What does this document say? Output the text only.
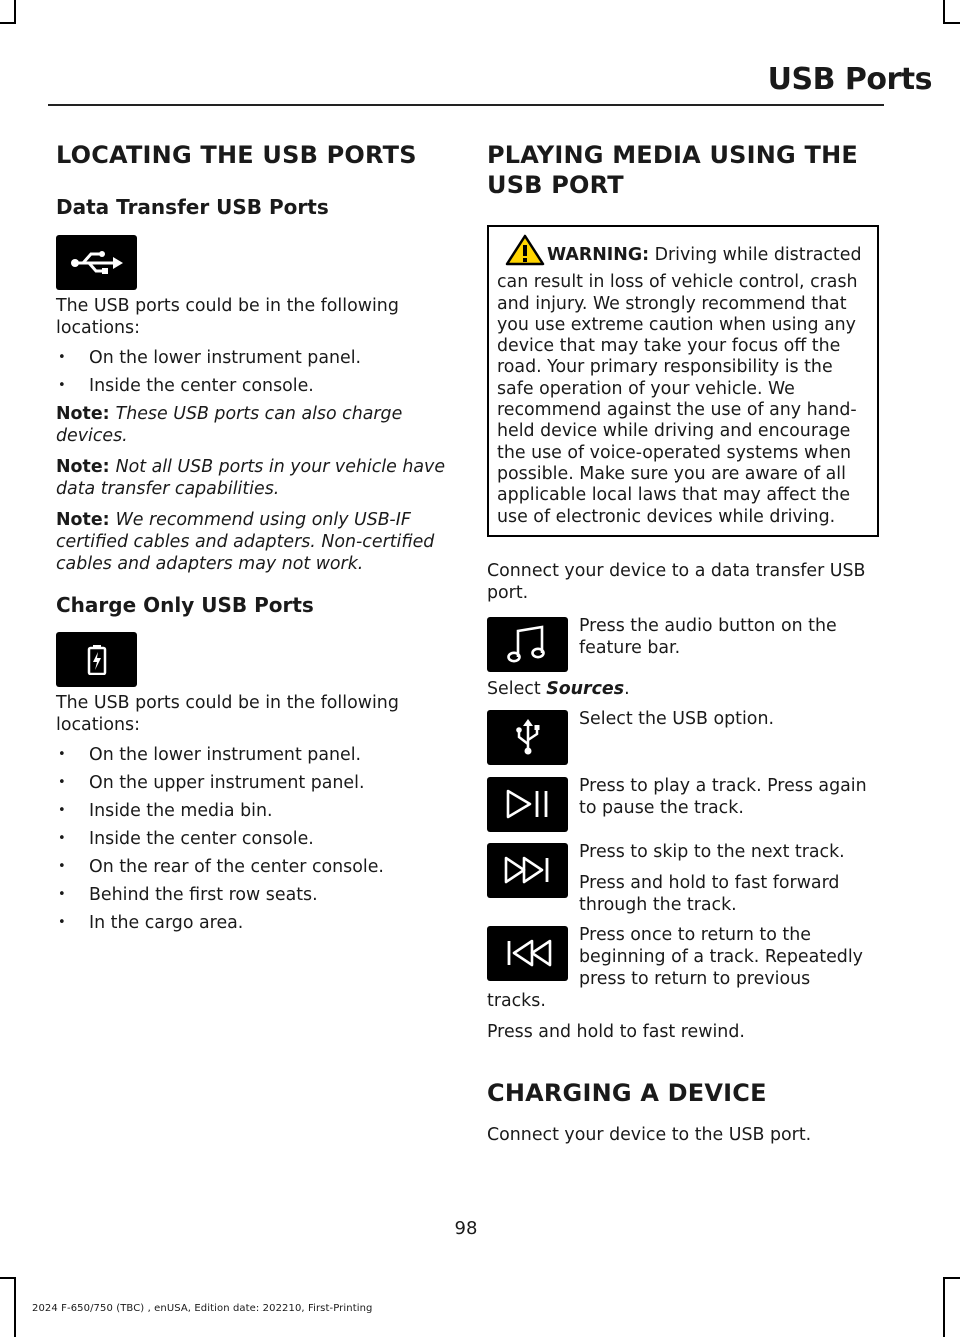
USB Ports
LOCATING THE USB PORTS
Data Transfer USB Ports

The USB ports could be in the following locations:

• On the lower instrument panel.
• Inside the center console.

Note: These USB ports can also charge devices.

Note: Not all USB ports in your vehicle have data transfer capabilities.

Note: We recommend using only USB-IF certified cables and adapters. Non-certified cables and adapters may not work.

Charge Only USB Ports

The USB ports could be in the following locations:

• On the lower instrument panel.
• On the upper instrument panel.
• Inside the media bin.
• Inside the center console.
• On the rear of the center console.
• Behind the first row seats.
• In the cargo area.
PLAYING MEDIA USING THE
USB PORT
WARNING: Driving while distracted can result in loss of vehicle control, crash and injury. We strongly recommend that you use extreme caution when using any device that may take your focus off the road. Your primary responsibility is the safe operation of your vehicle. We recommend against the use of any hand-held device while driving and encourage the use of voice-operated systems when possible. Make sure you are aware of all applicable local laws that may affect the use of electronic devices while driving.

Connect your device to a data transfer USB port.

Press the audio button on the feature bar.

Select Sources.

Select the USB option.

Press to play a track. Press again to pause the track.

Press to skip to the next track.

Press and hold to fast forward through the track.

Press once to return to the beginning of a track. Repeatedly press to return to previous

tracks.

Press and hold to fast rewind.

CHARGING A DEVICE

Connect your device to the USB port.

98
2024 F-650/750 (TBC) , enUSA, Edition date: 202210, First-Printing
